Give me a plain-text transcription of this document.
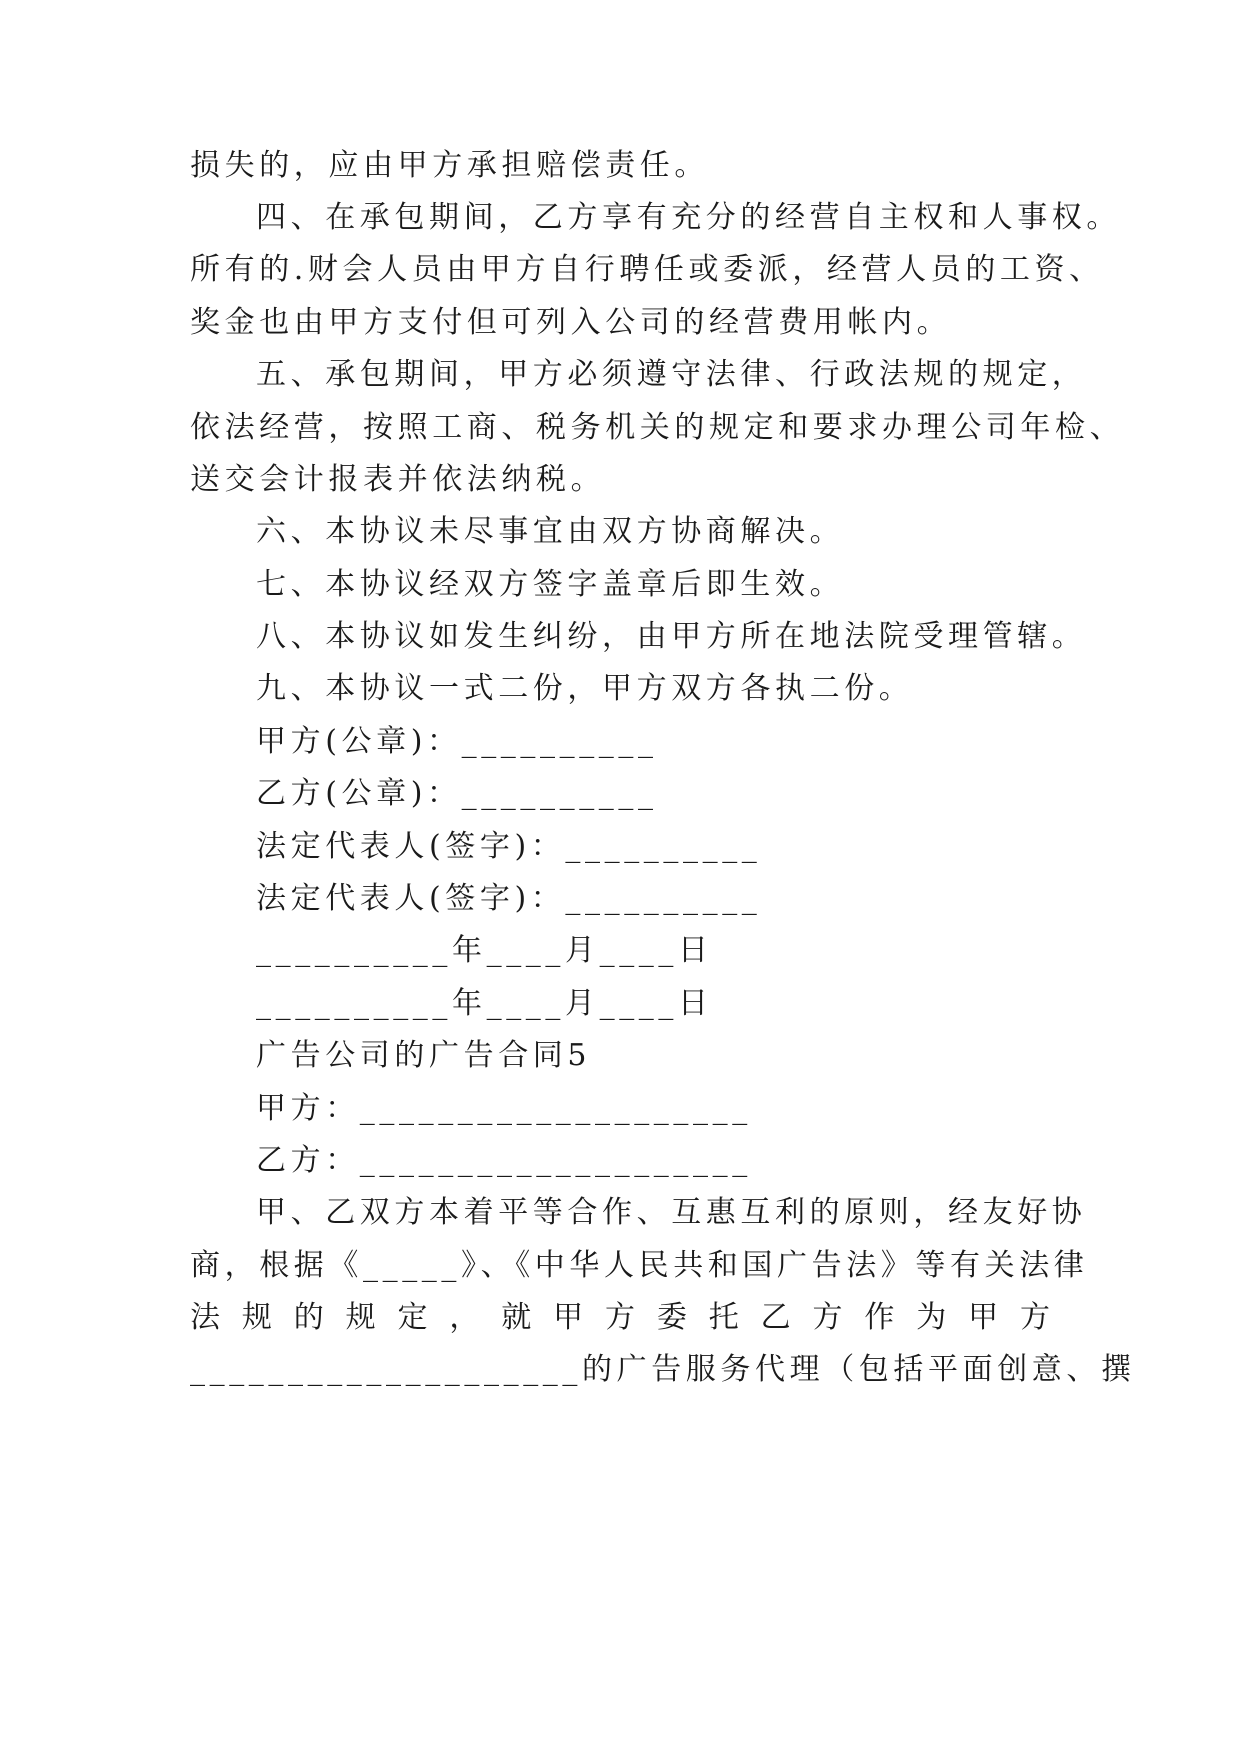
损失的，应由甲方承担赔偿责任。
四、在承包期间，乙方享有充分的经营自主权和人事权。
所有的.财会人员由甲方自行聘任或委派，经营人员的工资、
奖金也由甲方支付但可列入公司的经营费用帐内。
五、承包期间，甲方必须遵守法律、行政法规的规定，
依法经营，按照工商、税务机关的规定和要求办理公司年检、
送交会计报表并依法纳税。
六、本协议未尽事宜由双方协商解决。
七、本协议经双方签字盖章后即生效。
八、本协议如发生纠纷，由甲方所在地法院受理管辖。
九、本协议一式二份，甲方双方各执二份。
甲方(公章)：__________
乙方(公章)：__________
法定代表人(签字)：__________
法定代表人(签字)：__________
__________年____月____日
__________年____月____日
广告公司的广告合同5
甲方：____________________
乙方：____________________
甲、乙双方本着平等合作、互惠互利的原则，经友好协
商，根据《_____》、《中华人民共和国广告法》等有关法律
法 规 的 规 定 ， 就 甲 方 委 托 乙 方 作 为 甲 方
____________________的广告服务代理（包括平面创意、撰
